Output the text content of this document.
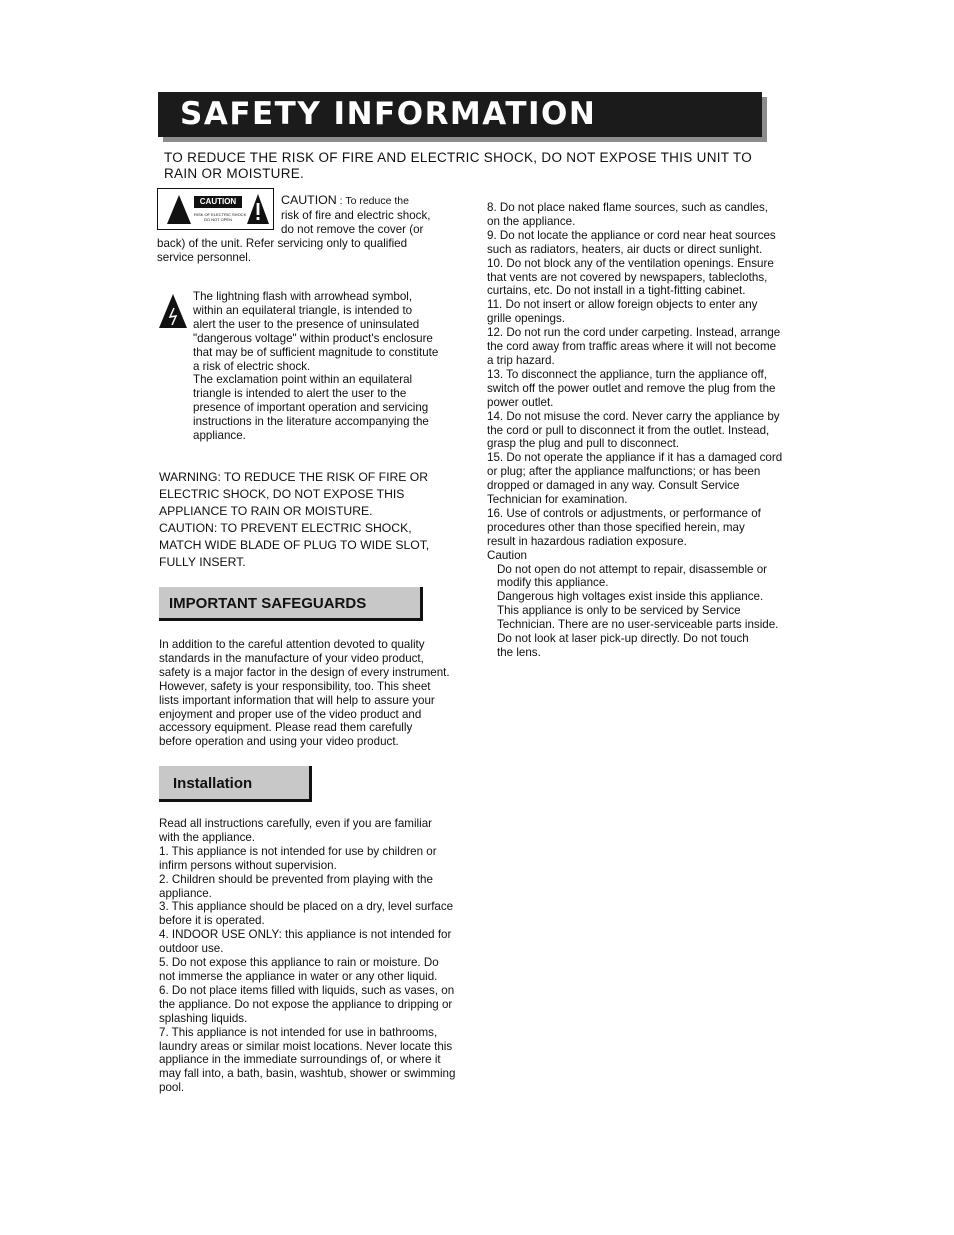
SAFETY INFORMATION
TO REDUCE THE RISK OF FIRE AND ELECTRIC SHOCK, DO NOT EXPOSE THIS UNIT TO
RAIN OR MOISTURE.
CAUTION
RISK OF ELECTRIC SHOCK
DO NOT OPEN
CAUTION : To reduce the
risk of fire and electric shock,
do not remove the cover (or
back) of the unit. Refer servicing only to qualified
service personnel.
The lightning flash with arrowhead symbol,
within an equilateral triangle, is intended to
alert the user to the presence of uninsulated
"dangerous voltage" within product's enclosure
that may be of sufficient magnitude to constitute
a risk of electric shock.
The exclamation point within an equilateral
triangle is intended to alert the user to the
presence of important operation and servicing
instructions in the literature accompanying the
appliance.
WARNING: TO REDUCE THE RISK OF FIRE OR
ELECTRIC SHOCK, DO NOT EXPOSE THIS
APPLIANCE TO RAIN OR MOISTURE.
CAUTION: TO PREVENT ELECTRIC SHOCK,
MATCH WIDE BLADE OF PLUG TO WIDE SLOT,
FULLY INSERT.
IMPORTANT SAFEGUARDS
In addition to the careful attention devoted to quality
standards in the manufacture of your video product,
safety is a major factor in the design of every instrument.
However, safety is your responsibility, too. This sheet
lists important information that will help to assure your
enjoyment and proper use of the video product and
accessory equipment. Please read them carefully
before operation and using your video product.
Installation
Read all instructions carefully, even if you are familiar
with the appliance.
1. This appliance is not intended for use by children or
infirm persons without supervision.
2. Children should be prevented from playing with the
appliance.
3. This appliance should be placed on a dry, level surface
before it is operated.
4. INDOOR USE ONLY: this appliance is not intended for
outdoor use.
5. Do not expose this appliance to rain or moisture. Do
not immerse the appliance in water or any other liquid.
6. Do not place items filled with liquids, such as vases, on
the appliance. Do not expose the appliance to dripping or
splashing liquids.
7. This appliance is not intended for use in bathrooms,
laundry areas or similar moist locations. Never locate this
appliance in the immediate surroundings of, or where it
may fall into, a bath, basin, washtub, shower or swimming
pool.
8. Do not place naked flame sources, such as candles,
on the appliance.
9. Do not locate the appliance or cord near heat sources
such as radiators, heaters, air ducts or direct sunlight.
10. Do not block any of the ventilation openings. Ensure
that vents are not covered by newspapers, tablecloths,
curtains, etc. Do not install in a tight-fitting cabinet.
11. Do not insert or allow foreign objects to enter any
grille openings.
12. Do not run the cord under carpeting. Instead, arrange
the cord away from traffic areas where it will not become
a trip hazard.
13. To disconnect the appliance, turn the appliance off,
switch off the power outlet and remove the plug from the
power outlet.
14. Do not misuse the cord. Never carry the appliance by
the cord or pull to disconnect it from the outlet. Instead,
grasp the plug and pull to disconnect.
15. Do not operate the appliance if it has a damaged cord
or plug; after the appliance malfunctions; or has been
dropped or damaged in any way. Consult Service
Technician for examination.
16. Use of controls or adjustments, or performance of
procedures other than those specified herein, may
result in hazardous radiation exposure.
Caution
Do not open do not attempt to repair, disassemble or
modify this appliance.
Dangerous high voltages exist inside this appliance.
This appliance is only to be serviced by Service
Technician. There are no user-serviceable parts inside.
Do not look at laser pick-up directly. Do not touch
the lens.
